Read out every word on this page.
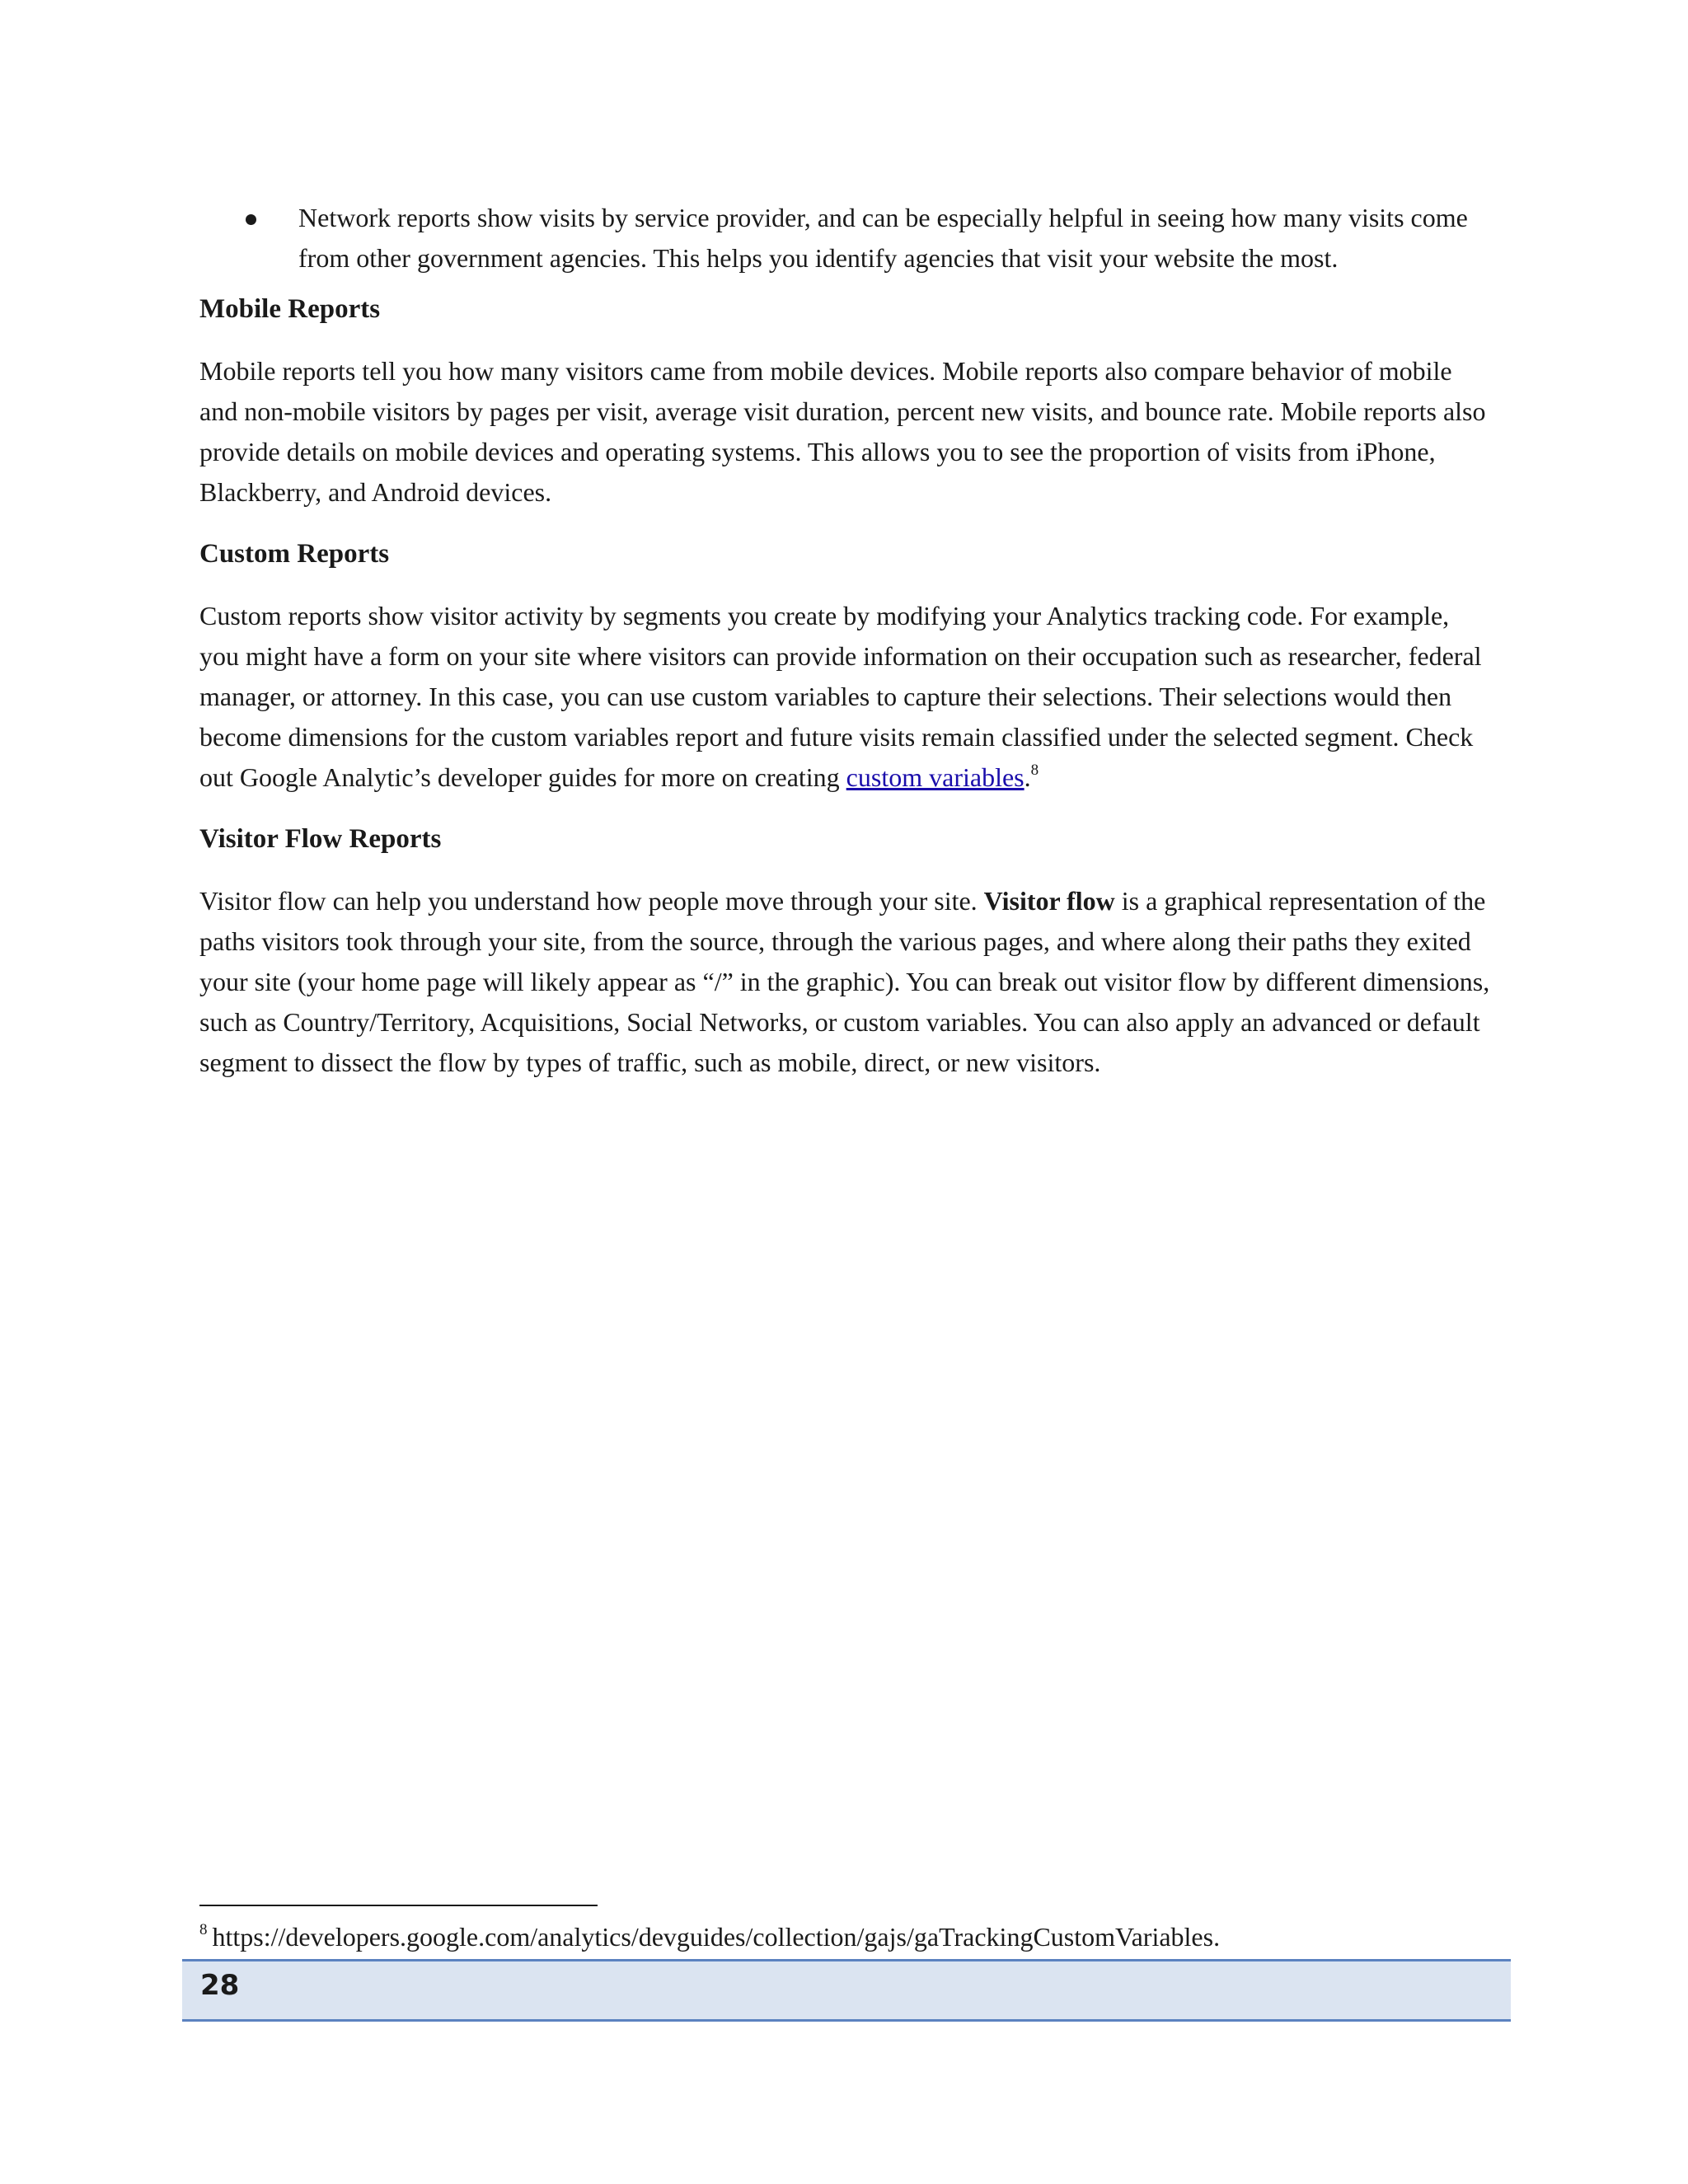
Network reports show visits by service provider, and can be especially helpful in seeing how many visits come from other government agencies. This helps you identify agencies that visit your website the most.
Mobile Reports

Mobile reports tell you how many visitors came from mobile devices. Mobile reports also compare behavior of mobile and non-mobile visitors by pages per visit, average visit duration, percent new visits, and bounce rate. Mobile reports also provide details on mobile devices and operating systems. This allows you to see the proportion of visits from iPhone, Blackberry, and Android devices.

Custom Reports

Custom reports show visitor activity by segments you create by modifying your Analytics tracking code. For example, you might have a form on your site where visitors can provide information on their occupation such as researcher, federal manager, or attorney. In this case, you can use custom variables to capture their selections. Their selections would then become dimensions for the custom variables report and future visits remain classified under the selected segment. Check out Google Analytic’s developer guides for more on creating custom variables.$^8$

Visitor Flow Reports

Visitor flow can help you understand how people move through your site. Visitor flow is a graphical representation of the paths visitors took through your site, from the source, through the various pages, and where along their paths they exited your site (your home page will likely appear as “/” in the graphic). You can break out visitor flow by different dimensions, such as Country/Territory, Acquisitions, Social Networks, or custom variables. You can also apply an advanced or default segment to dissect the flow by types of traffic, such as mobile, direct, or new visitors.

$^8$ https://developers.google.com/analytics/devguides/collection/gajs/gaTrackingCustomVariables.
28
